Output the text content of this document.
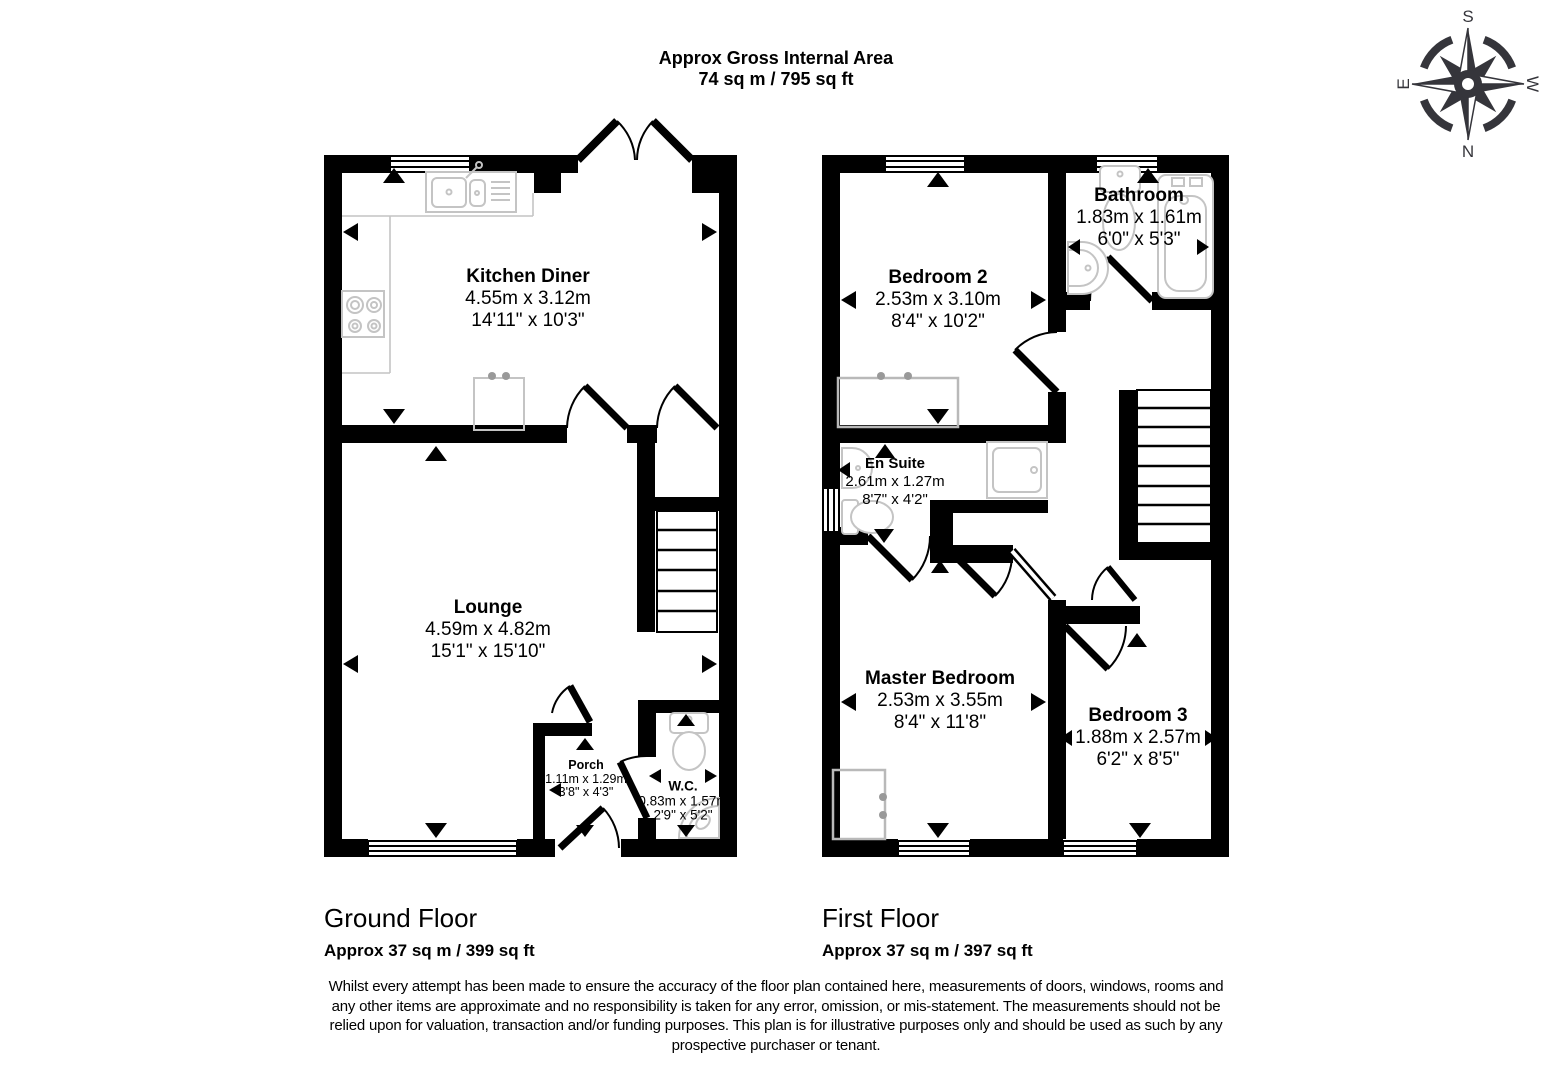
S
N
E	W
Approx Gross Internal Area
74 sq m / 795 sq ft
Kitchen Diner
4.55m x 3.12m
14'11" x 10'3"
Lounge
4.59m x 4.82m
15'1" x 15'10"
Porch
1.11m x 1.29m
3'8" x 4'3"	W.C.
0.83m x 1.57m
2'9" x 5'2"
Bedroom 2
2.53m x 3.10m
8'4" x 10'2"
Bathroom
1.83m x 1.61m
6'0" x 5'3"
En Suite
2.61m x 1.27m
8'7" x 4'2"
Master Bedroom
2.53m x 3.55m
8'4" x 11'8"	Bedroom 3
1.88m x 2.57m
6'2" x 8'5"
Ground Floor
Approx 37 sq m / 399 sq ft
First Floor
Approx 37 sq m / 397 sq ft
Whilst every attempt has been made to ensure the accuracy of the floor plan contained here, measurements of doors, windows, rooms and
any other items are approximate and no responsibility is taken for any error, omission, or mis-statement. The measurements should not be
relied upon for valuation, transaction and/or funding purposes. This plan is for illustrative purposes only and should be used as such by any
prospective purchaser or tenant.
